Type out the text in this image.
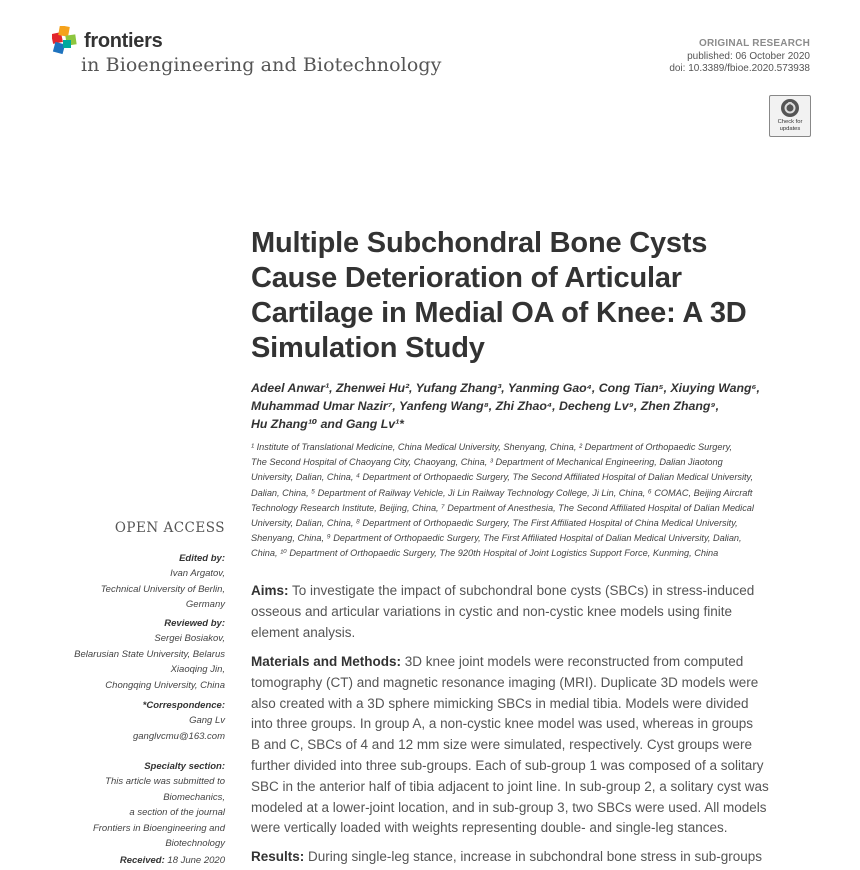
frontiers
in Bioengineering and Biotechnology
ORIGINAL RESEARCH
published: 06 October 2020
doi: 10.3389/fbioe.2020.573938
Check for
updates
Multiple Subchondral Bone Cysts
Cause Deterioration of Articular
Cartilage in Medial OA of Knee: A 3D
Simulation Study
Adeel Anwar¹, Zhenwei Hu², Yufang Zhang³, Yanming Gao⁴, Cong Tian⁵, Xiuying Wang⁶,
Muhammad Umar Nazir⁷, Yanfeng Wang⁸, Zhi Zhao⁴, Decheng Lv⁹, Zhen Zhang⁹,
Hu Zhang¹⁰ and Gang Lv¹*
¹ Institute of Translational Medicine, China Medical University, Shenyang, China, ² Department of Orthopaedic Surgery,
The Second Hospital of Chaoyang City, Chaoyang, China, ³ Department of Mechanical Engineering, Dalian Jiaotong
University, Dalian, China, ⁴ Department of Orthopaedic Surgery, The Second Affiliated Hospital of Dalian Medical University,
Dalian, China, ⁵ Department of Railway Vehicle, Ji Lin Railway Technology College, Ji Lin, China, ⁶ COMAC, Beijing Aircraft
Technology Research Institute, Beijing, China, ⁷ Department of Anesthesia, The Second Affiliated Hospital of Dalian Medical
University, Dalian, China, ⁸ Department of Orthopaedic Surgery, The First Affiliated Hospital of China Medical University,
Shenyang, China, ⁹ Department of Orthopaedic Surgery, The First Affiliated Hospital of Dalian Medical University, Dalian,
China, ¹⁰ Department of Orthopaedic Surgery, The 920th Hospital of Joint Logistics Support Force, Kunming, China
OPEN ACCESS
Edited by:
Ivan Argatov,
Technical University of Berlin,
Germany
Reviewed by:
Sergei Bosiakov,
Belarusian State University, Belarus
Xiaoqing Jin,
Chongqing University, China
*Correspondence:
Gang Lv
ganglvcmu@163.com
Specialty section:
This article was submitted to
Biomechanics,
a section of the journal
Frontiers in Bioengineering and
Biotechnology
Received: 18 June 2020
Aims: To investigate the impact of subchondral bone cysts (SBCs) in stress-induced
osseous and articular variations in cystic and non-cystic knee models using finite
element analysis.
Materials and Methods: 3D knee joint models were reconstructed from computed
tomography (CT) and magnetic resonance imaging (MRI). Duplicate 3D models were
also created with a 3D sphere mimicking SBCs in medial tibia. Models were divided
into three groups. In group A, a non-cystic knee model was used, whereas in groups
B and C, SBCs of 4 and 12 mm size were simulated, respectively. Cyst groups were
further divided into three sub-groups. Each of sub-group 1 was composed of a solitary
SBC in the anterior half of tibia adjacent to joint line. In sub-group 2, a solitary cyst was
modeled at a lower-joint location, and in sub-group 3, two SBCs were used. All models
were vertically loaded with weights representing double- and single-leg stances.
Results: During single-leg stance, increase in subchondral bone stress in sub-groups
